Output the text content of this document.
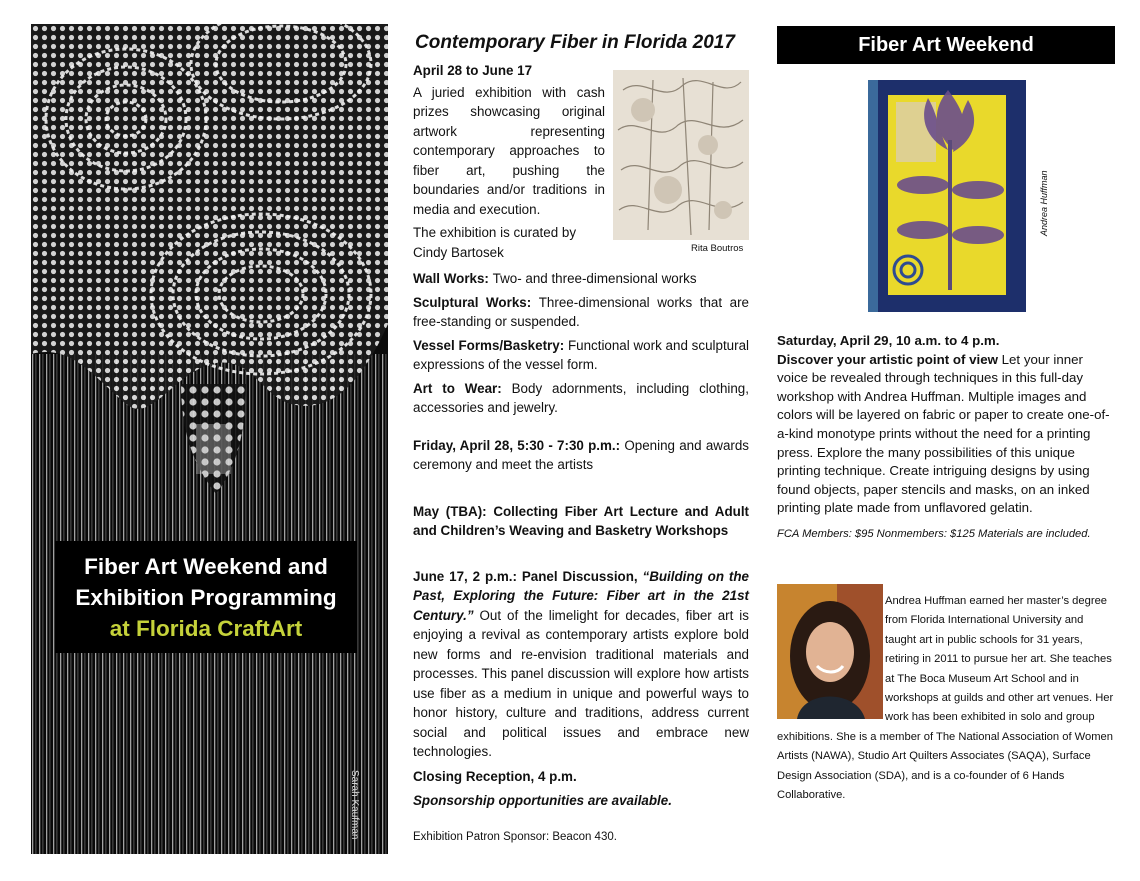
Fiber Art Weekend and
Exhibition Programming
at Florida CraftArt
Sarah Kaufman
Contemporary Fiber in Florida 2017

April 28 to June 17

A juried exhibition with cash prizes showcasing original artwork representing contemporary approaches to fiber art, pushing the boundaries and/or traditions in media and execution.

The exhibition is curated by Cindy Bartosek	Rita Boutros

Wall Works: Two- and three-dimensional works

Sculptural Works: Three-dimensional works that are free-standing or suspended.

Vessel Forms/Basketry: Functional work and sculptural expressions of the vessel form.

Art to Wear: Body adornments, including clothing, accessories and jewelry.

Friday, April 28, 5:30 - 7:30 p.m.: Opening and awards ceremony and meet the artists

May (TBA): Collecting Fiber Art Lecture and Adult and Children’s Weaving and Basketry Workshops

June 17, 2 p.m.: Panel Discussion, “Building on the Past, Exploring the Future: Fiber art in the 21st Century.” Out of the limelight for decades, fiber art is enjoying a revival as contemporary artists explore bold new forms and re-envision traditional materials and processes. This panel discussion will explore how artists use fiber as a medium in unique and powerful ways to honor history, culture and traditions, address current social and political issues and embrace new technologies.

Closing Reception, 4 p.m.

Sponsorship opportunities are available.

Exhibition Patron Sponsor: Beacon 430.

Fiber Art Weekend
Andrea Huffman

Saturday, April 29, 10 a.m. to 4 p.m.

Discover your artistic point of view Let your inner voice be revealed through techniques in this full-day workshop with Andrea Huffman. Multiple images and colors will be layered on fabric or paper to create one-of-a-kind monotype prints without the need for a printing press. Explore the many possibilities of this unique printing technique. Create intriguing designs by using found objects, paper stencils and masks, on an inked printing plate made from unflavored gelatin.

FCA Members: $95 Nonmembers: $125 Materials are included.
Andrea Huffman earned her master’s degree from Florida International University and taught art in public schools for 31 years, retiring in 2011 to pursue her art. She teaches at The Boca Museum Art School and in workshops at guilds and other art venues. Her work has been exhibited in solo and group exhibitions. She is a member of The National Association of Women Artists (NAWA), Studio Art Quilters Associates (SAQA), Surface Design Association (SDA), and is a co-founder of 6 Hands Collaborative.
